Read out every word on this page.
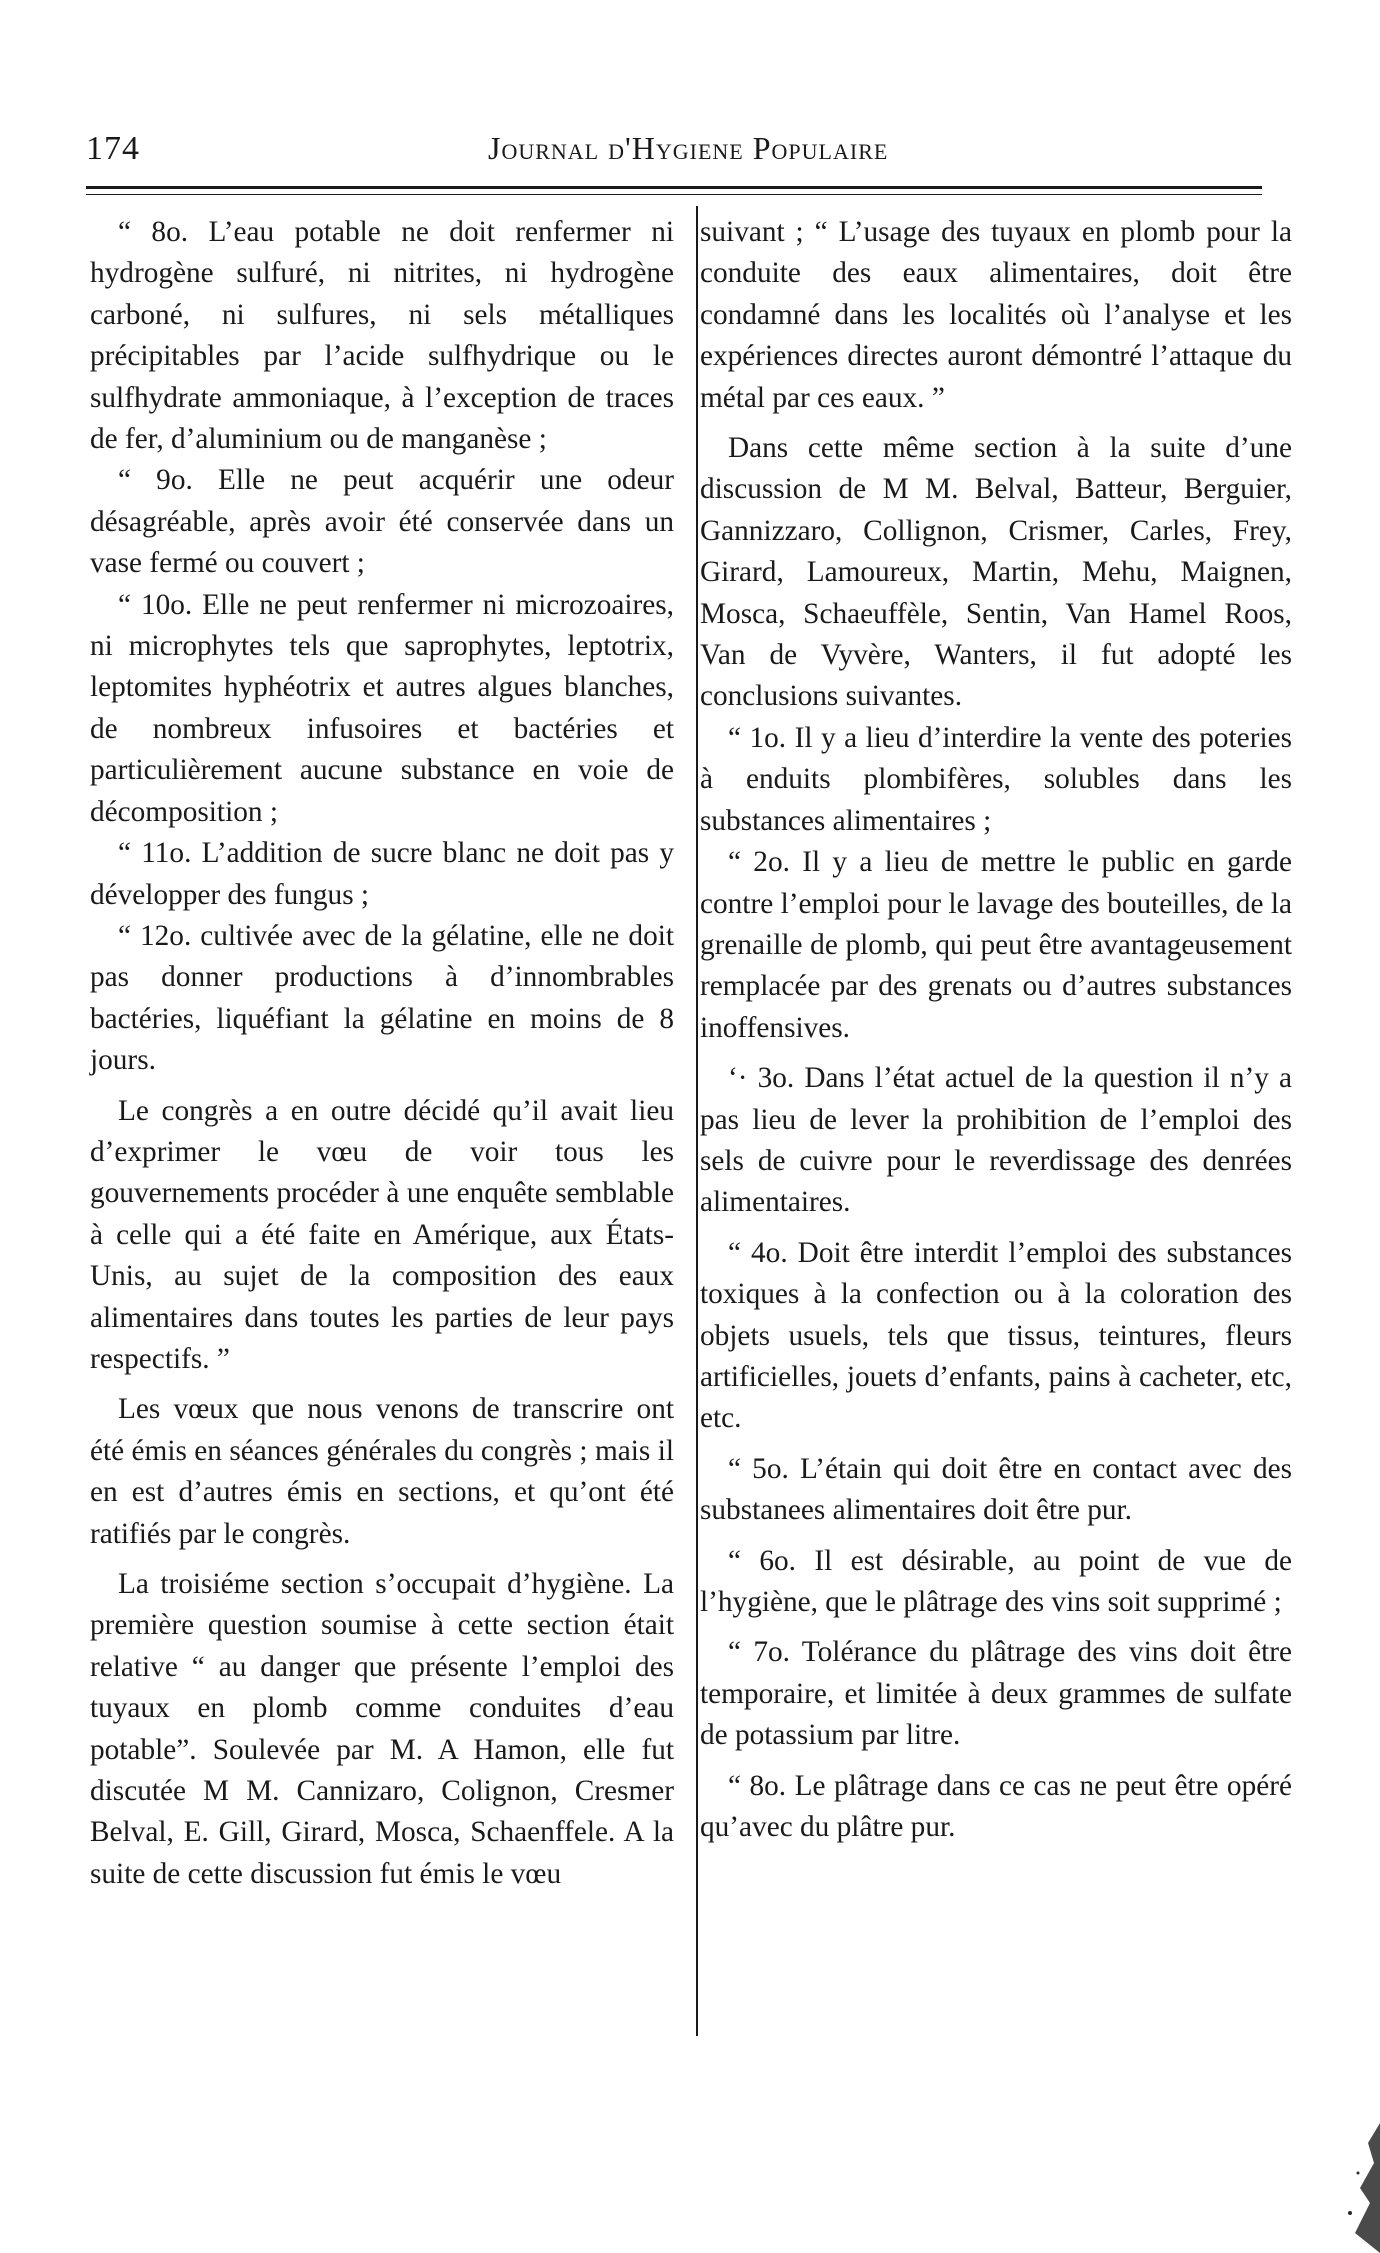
174	Journal d'Hygiene Populaire

“ 8o. L’eau potable ne doit renfermer ni hydrogène sulfuré, ni nitrites, ni hydrogène carboné, ni sulfures, ni sels métalliques précipitables par l’acide sulfhydrique ou le sulfhydrate ammoniaque, à l’exception de traces de fer, d’aluminium ou de manganèse ;

“ 9o. Elle ne peut acquérir une odeur désagréable, après avoir été conservée dans un vase fermé ou couvert ;

“ 10o. Elle ne peut renfermer ni microzoaires, ni microphytes tels que saprophytes, leptotrix, leptomites hyphéotrix et autres algues blanches, de nombreux infusoires et bactéries et particulièrement aucune substance en voie de décomposition ;

“ 11o. L’addition de sucre blanc ne doit pas y développer des fungus ;

“ 12o. cultivée avec de la gélatine, elle ne doit pas donner productions à d’innombrables bactéries, liquéfiant la gélatine en moins de 8 jours.

Le congrès a en outre décidé qu’il avait lieu d’exprimer le vœu de voir tous les gouvernements procéder à une enquête semblable à celle qui a été faite en Amérique, aux États-Unis, au sujet de la composition des eaux alimentaires dans toutes les parties de leur pays respectifs. ”

Les vœux que nous venons de transcrire ont été émis en séances générales du congrès ; mais il en est d’autres émis en sections, et qu’ont été ratifiés par le congrès.

La troisiéme section s’occupait d’hygiène. La première question soumise à cette section était relative “ au danger que présente l’emploi des tuyaux en plomb comme conduites d’eau potable”. Soulevée par M. A Hamon, elle fut discutée M M. Cannizaro, Colignon, Cresmer Belval, E. Gill, Girard, Mosca, Schaenffele. A la suite de cette discussion fut émis le vœu

suivant ; “ L’usage des tuyaux en plomb pour la conduite des eaux alimentaires, doit être condamné dans les localités où l’analyse et les expériences directes auront démontré l’attaque du métal par ces eaux. ”

Dans cette même section à la suite d’une discussion de M M. Belval, Batteur, Berguier, Gannizzaro, Collignon, Crismer, Carles, Frey, Girard, Lamoureux, Martin, Mehu, Maignen, Mosca, Schaeuffèle, Sentin, Van Hamel Roos, Van de Vyvère, Wanters, il fut adopté les conclusions suivantes.

“ 1o. Il y a lieu d’interdire la vente des poteries à enduits plombifères, solubles dans les substances alimentaires ;

“ 2o. Il y a lieu de mettre le public en garde contre l’emploi pour le lavage des bouteilles, de la grenaille de plomb, qui peut être avantageusement remplacée par des grenats ou d’autres substances inoffensives.

‘· 3o. Dans l’état actuel de la question il n’y a pas lieu de lever la prohibition de l’emploi des sels de cuivre pour le reverdissage des denrées alimentaires.

“ 4o. Doit être interdit l’emploi des substances toxiques à la confection ou à la coloration des objets usuels, tels que tissus, teintures, fleurs artificielles, jouets d’enfants, pains à cacheter, etc, etc.

“ 5o. L’étain qui doit être en contact avec des substanees alimentaires doit être pur.

“ 6o. Il est désirable, au point de vue de l’hygiène, que le plâtrage des vins soit supprimé ;

“ 7o. Tolérance du plâtrage des vins doit être temporaire, et limitée à deux grammes de sulfate de potassium par litre.

“ 8o. Le plâtrage dans ce cas ne peut être opéré qu’avec du plâtre pur.
